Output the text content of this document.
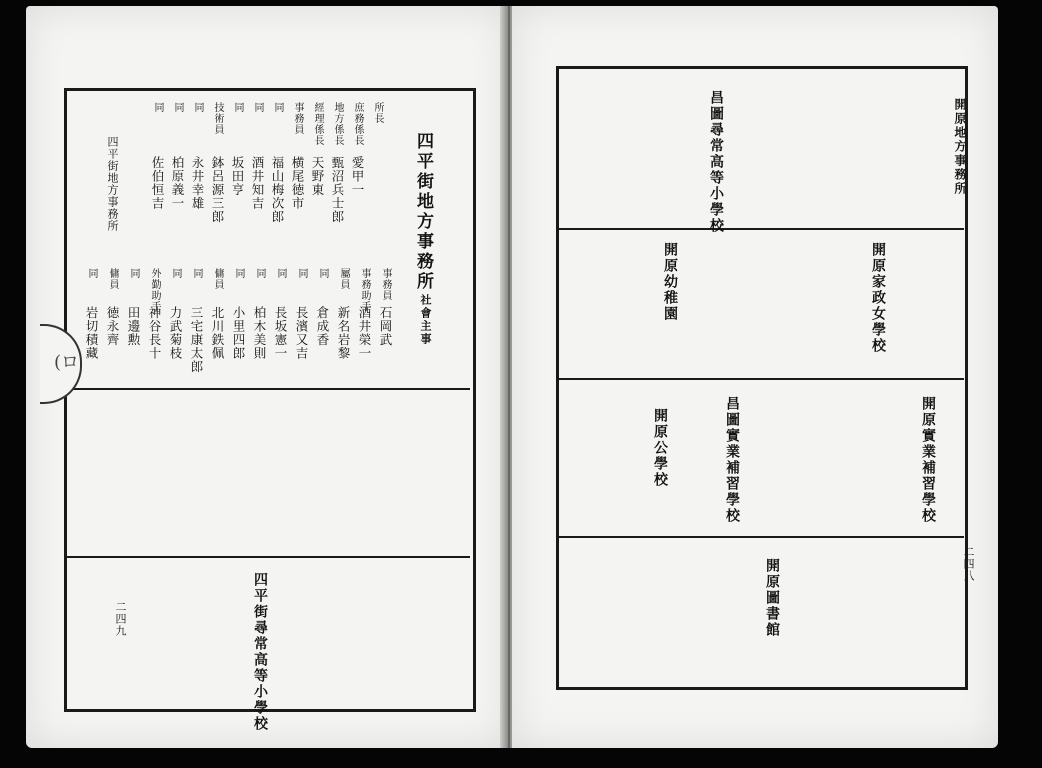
四平街地方事務所
二四九
四平街地方事務所
社會主事
所長
庶務係長
愛甲一
地方係長
甄沼兵士郎
經理係長
天野東
事務員
横尾徳市
同
福山梅次郎
同
酒井知吉
同
坂田亨
技術員
鉢呂源三郎
同
永井幸雄
同
柏原義一
同
佐伯恒吉
事務員
石岡武
事務助手
酒井榮一
屬員
新名岩黎
同
倉成香
同
長濱又吉
同
長坂憲一
同
柏木美則
同
小里四郎
傭員
北川鉄佩
同
三宅康太郎
同
力武菊枝
外勤助手
神谷長十
同
田邊勲
傭員
徳永齊
同
岩切積藏
四平街尋常高等小學校
(ロ
開原地方事務所
二四八
昌圖尋常高等小學校
開原家政女學校
開原幼稚園
開原實業補習學校
昌圖實業補習學校
開原公學校
開原圖書館
